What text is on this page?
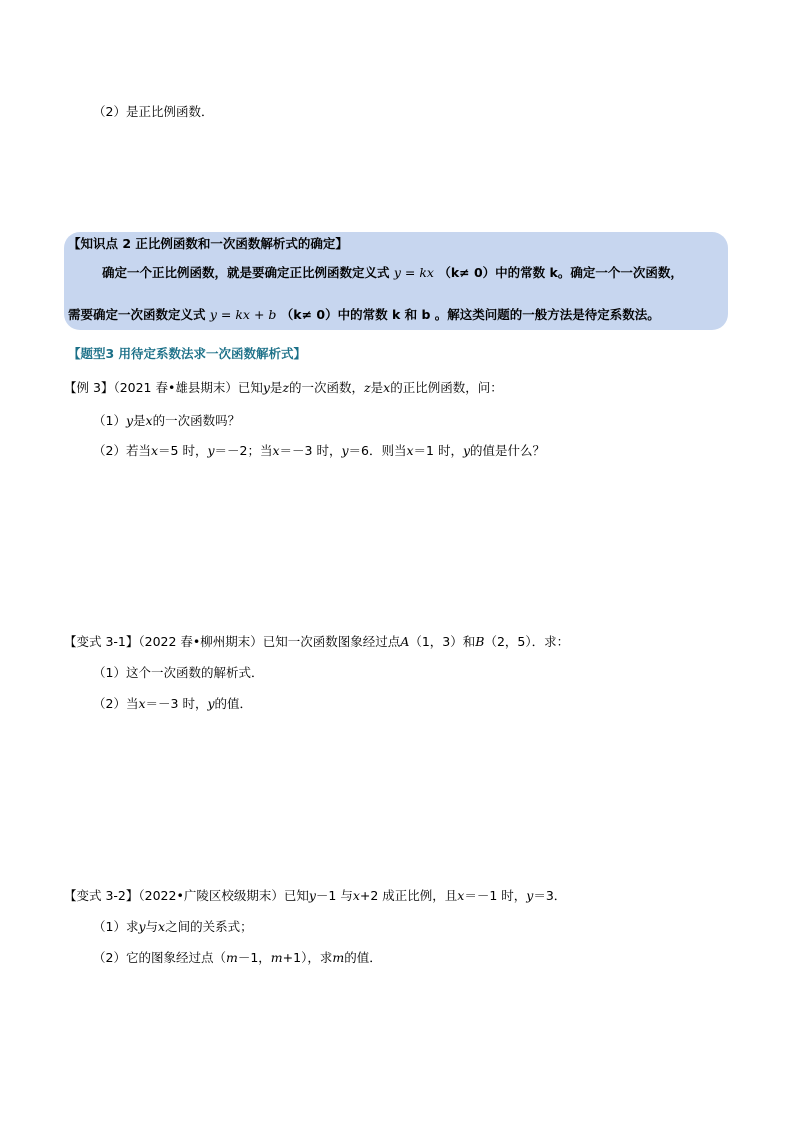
（2）是正比例函数．
【知识点 2 正比例函数和一次函数解析式的确定】
确定一个正比例函数，就是要确定正比例函数定义式 y = kx （k≠ 0）中的常数 k。确定一个一次函数，
需要确定一次函数定义式 y = kx + b （k≠ 0）中的常数 k 和 b 。解这类问题的一般方法是待定系数法。
【题型3 用待定系数法求一次函数解析式】
【例 3】（2021 春•雄县期末）已知y是z的一次函数，z是x的正比例函数，问：
（1）y是x的一次函数吗？
（2）若当x＝5 时，y＝－2；当x＝－3 时，y＝6．则当x＝1 时，y的值是什么？
【变式 3-1】（2022 春•柳州期末）已知一次函数图象经过点A（1，3）和B（2，5）．求：
（1）这个一次函数的解析式．
（2）当x＝－3 时，y的值．
【变式 3-2】（2022•广陵区校级期末）已知y－1 与x+2 成正比例，且x＝－1 时，y＝3．
（1）求y与x之间的关系式；
（2）它的图象经过点（m－1，m+1），求m的值．
